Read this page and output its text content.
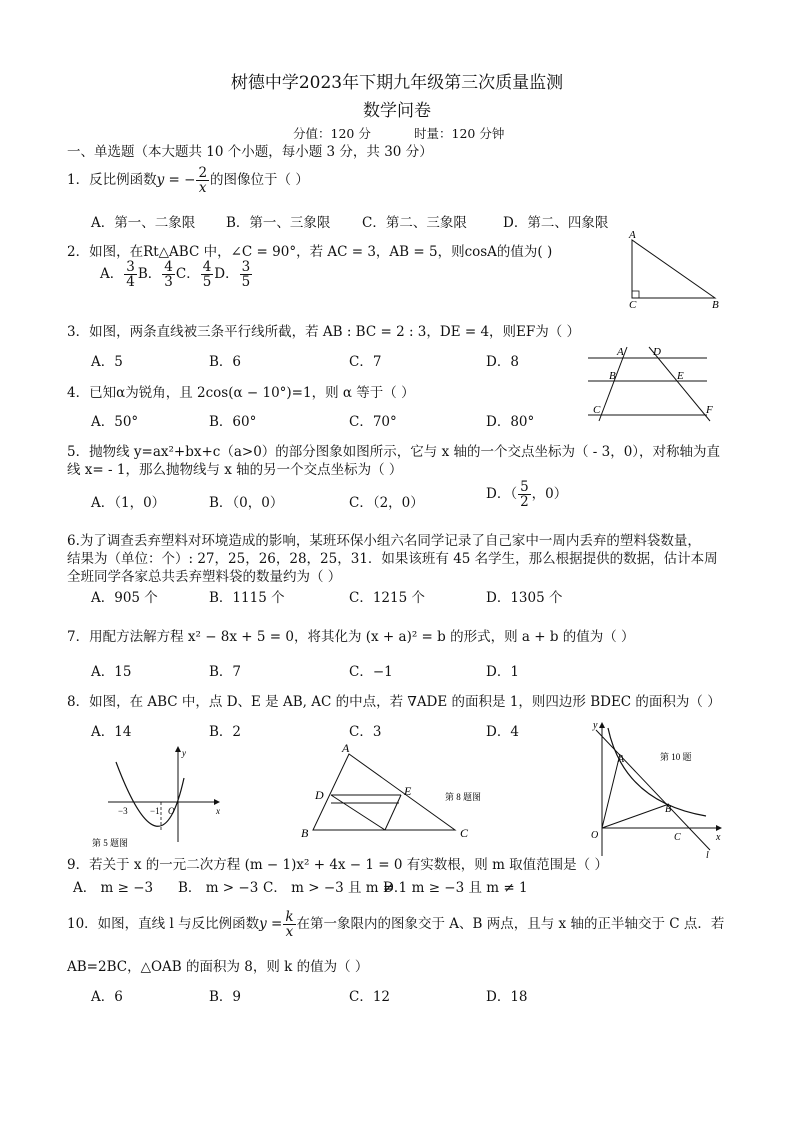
树德中学2023年下期九年级第三次质量监测
数学问卷
分值：120 分	时量：120 分钟
一、单选题（本大题共 10 个小题，每小题 3 分，共 30 分）
1．反比例函数y = − $\frac{2}{x}$ 的图像位于（ ）
A．第一、二象限 B．第一、三象限 C．第二、三象限	D．第二、四象限
2．如图，在Rt△ABC 中，∠C = 90°，若 AC = 3，AB = 5，则cosA的值为( )
A． $\frac{3}{4}$ B． $\frac{4}{3}$ C． $\frac{4}{5}$ D． $\frac{3}{5}$
A
C	B
3．如图，两条直线被三条平行线所截，若 AB : BC = 2 : 3，DE = 4，则EF为（ ）
A．5	B．6	C．7	D．8
A	D
B	E
C	F
4．已知α为锐角，且 2cos(α − 10°)=1，则 α 等于（ ）
A．50°	B．60°	C．70°	D．80°
5．抛物线 y=ax²+bx+c（a>0）的部分图象如图所示，它与 x 轴的一个交点坐标为（ - 3，0），对称轴为直
线 x= - 1，那么抛物线与 x 轴的另一个交点坐标为（ ）
A．（1，0）	B．（0，0）	C．（2，0）
D．（ $\frac{5}{2}$ ，0）
6.为了调查丢弃塑料对环境造成的影响，某班环保小组六名同学记录了自己家中一周内丢弃的塑料袋数量，
结果为（单位：个）: 27，25，26，28，25，31．如果该班有 45 名学生，那么根据提供的数据，估计本周
全班同学各家总共丢弃塑料袋的数量约为（ ）
A．905 个	B．1115 个	C．1215 个	D．1305 个
7．用配方法解方程 x² − 8x + 5 = 0，将其化为 (x + a)² = b 的形式，则 a + b 的值为（ ）
A．15	B．7	C．−1	D．1
8．如图，在 ABC 中，点 D、E 是 AB, AC 的中点，若 ∇ADE 的面积是 1，则四边形 BDEC 的面积为（ ）
A．14	B．2	C．3	D．4
y
x
−3 −1 O
第 5 题图
A
D	E
B	C
第 8 题图
y
x
A
B
C
O
l
第 10 题
9．若关于 x 的一元二次方程 (m − 1)x² + 4x − 1 = 0 有实数根，则 m 取值范围是（ ）
A． m ≥ −3 B． m > −3 C． m > −3 且 m ≠ 1
D． m ≥ −3 且 m ≠ 1
10．如图，直线 l 与反比例函数$y = \frac{k}{x}$ 在第一象限内的图象交于 A、B 两点，且与 x 轴的正半轴交于 C 点．若
AB=2BC，△OAB 的面积为 8，则 k 的值为（ ）
A．6	B．9	C．12	D．18
